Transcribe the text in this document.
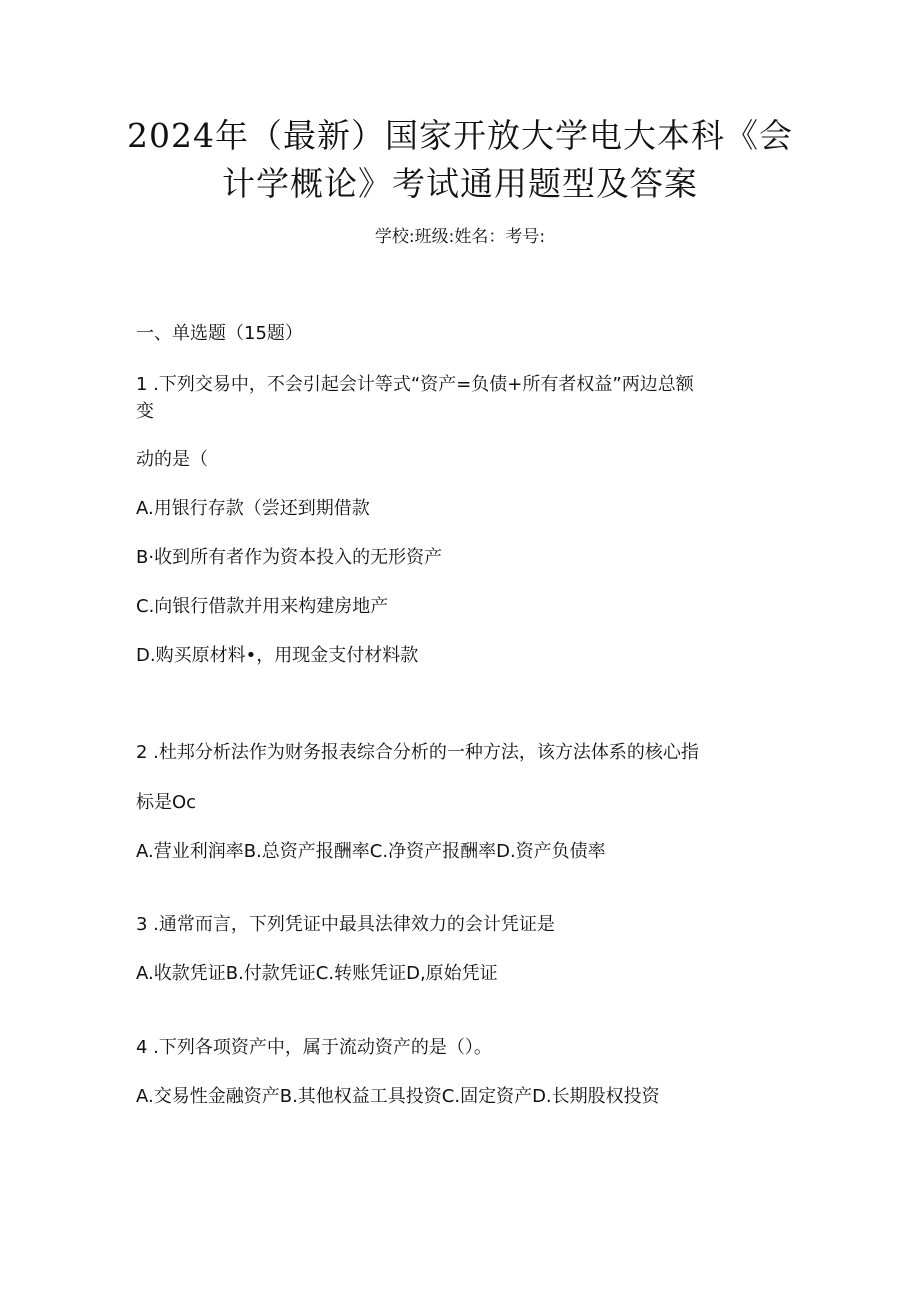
2024年（最新）国家开放大学电大本科《会
计学概论》考试通用题型及答案
学校:班级:姓名：考号:
一、单选题（15题）
1 .下列交易中，不会引起会计等式“资产=负债+所有者权益”两边总额
变
动的是（
A.用银行存款（尝还到期借款
B·收到所有者作为资本投入的无形资产
C.向银行借款并用来构建房地产
D.购买原材料•，用现金支付材料款
2 .杜邦分析法作为财务报表综合分析的一种方法，该方法体系的核心指
标是Oc
A.营业利润率B.总资产报酬率C.净资产报酬率D.资产负债率
3 .通常而言，下列凭证中最具法律效力的会计凭证是
A.收款凭证B.付款凭证C.转账凭证D,原始凭证
4 .下列各项资产中，属于流动资产的是（）。
A.交易性金融资产B.其他权益工具投资C.固定资产D.长期股权投资
